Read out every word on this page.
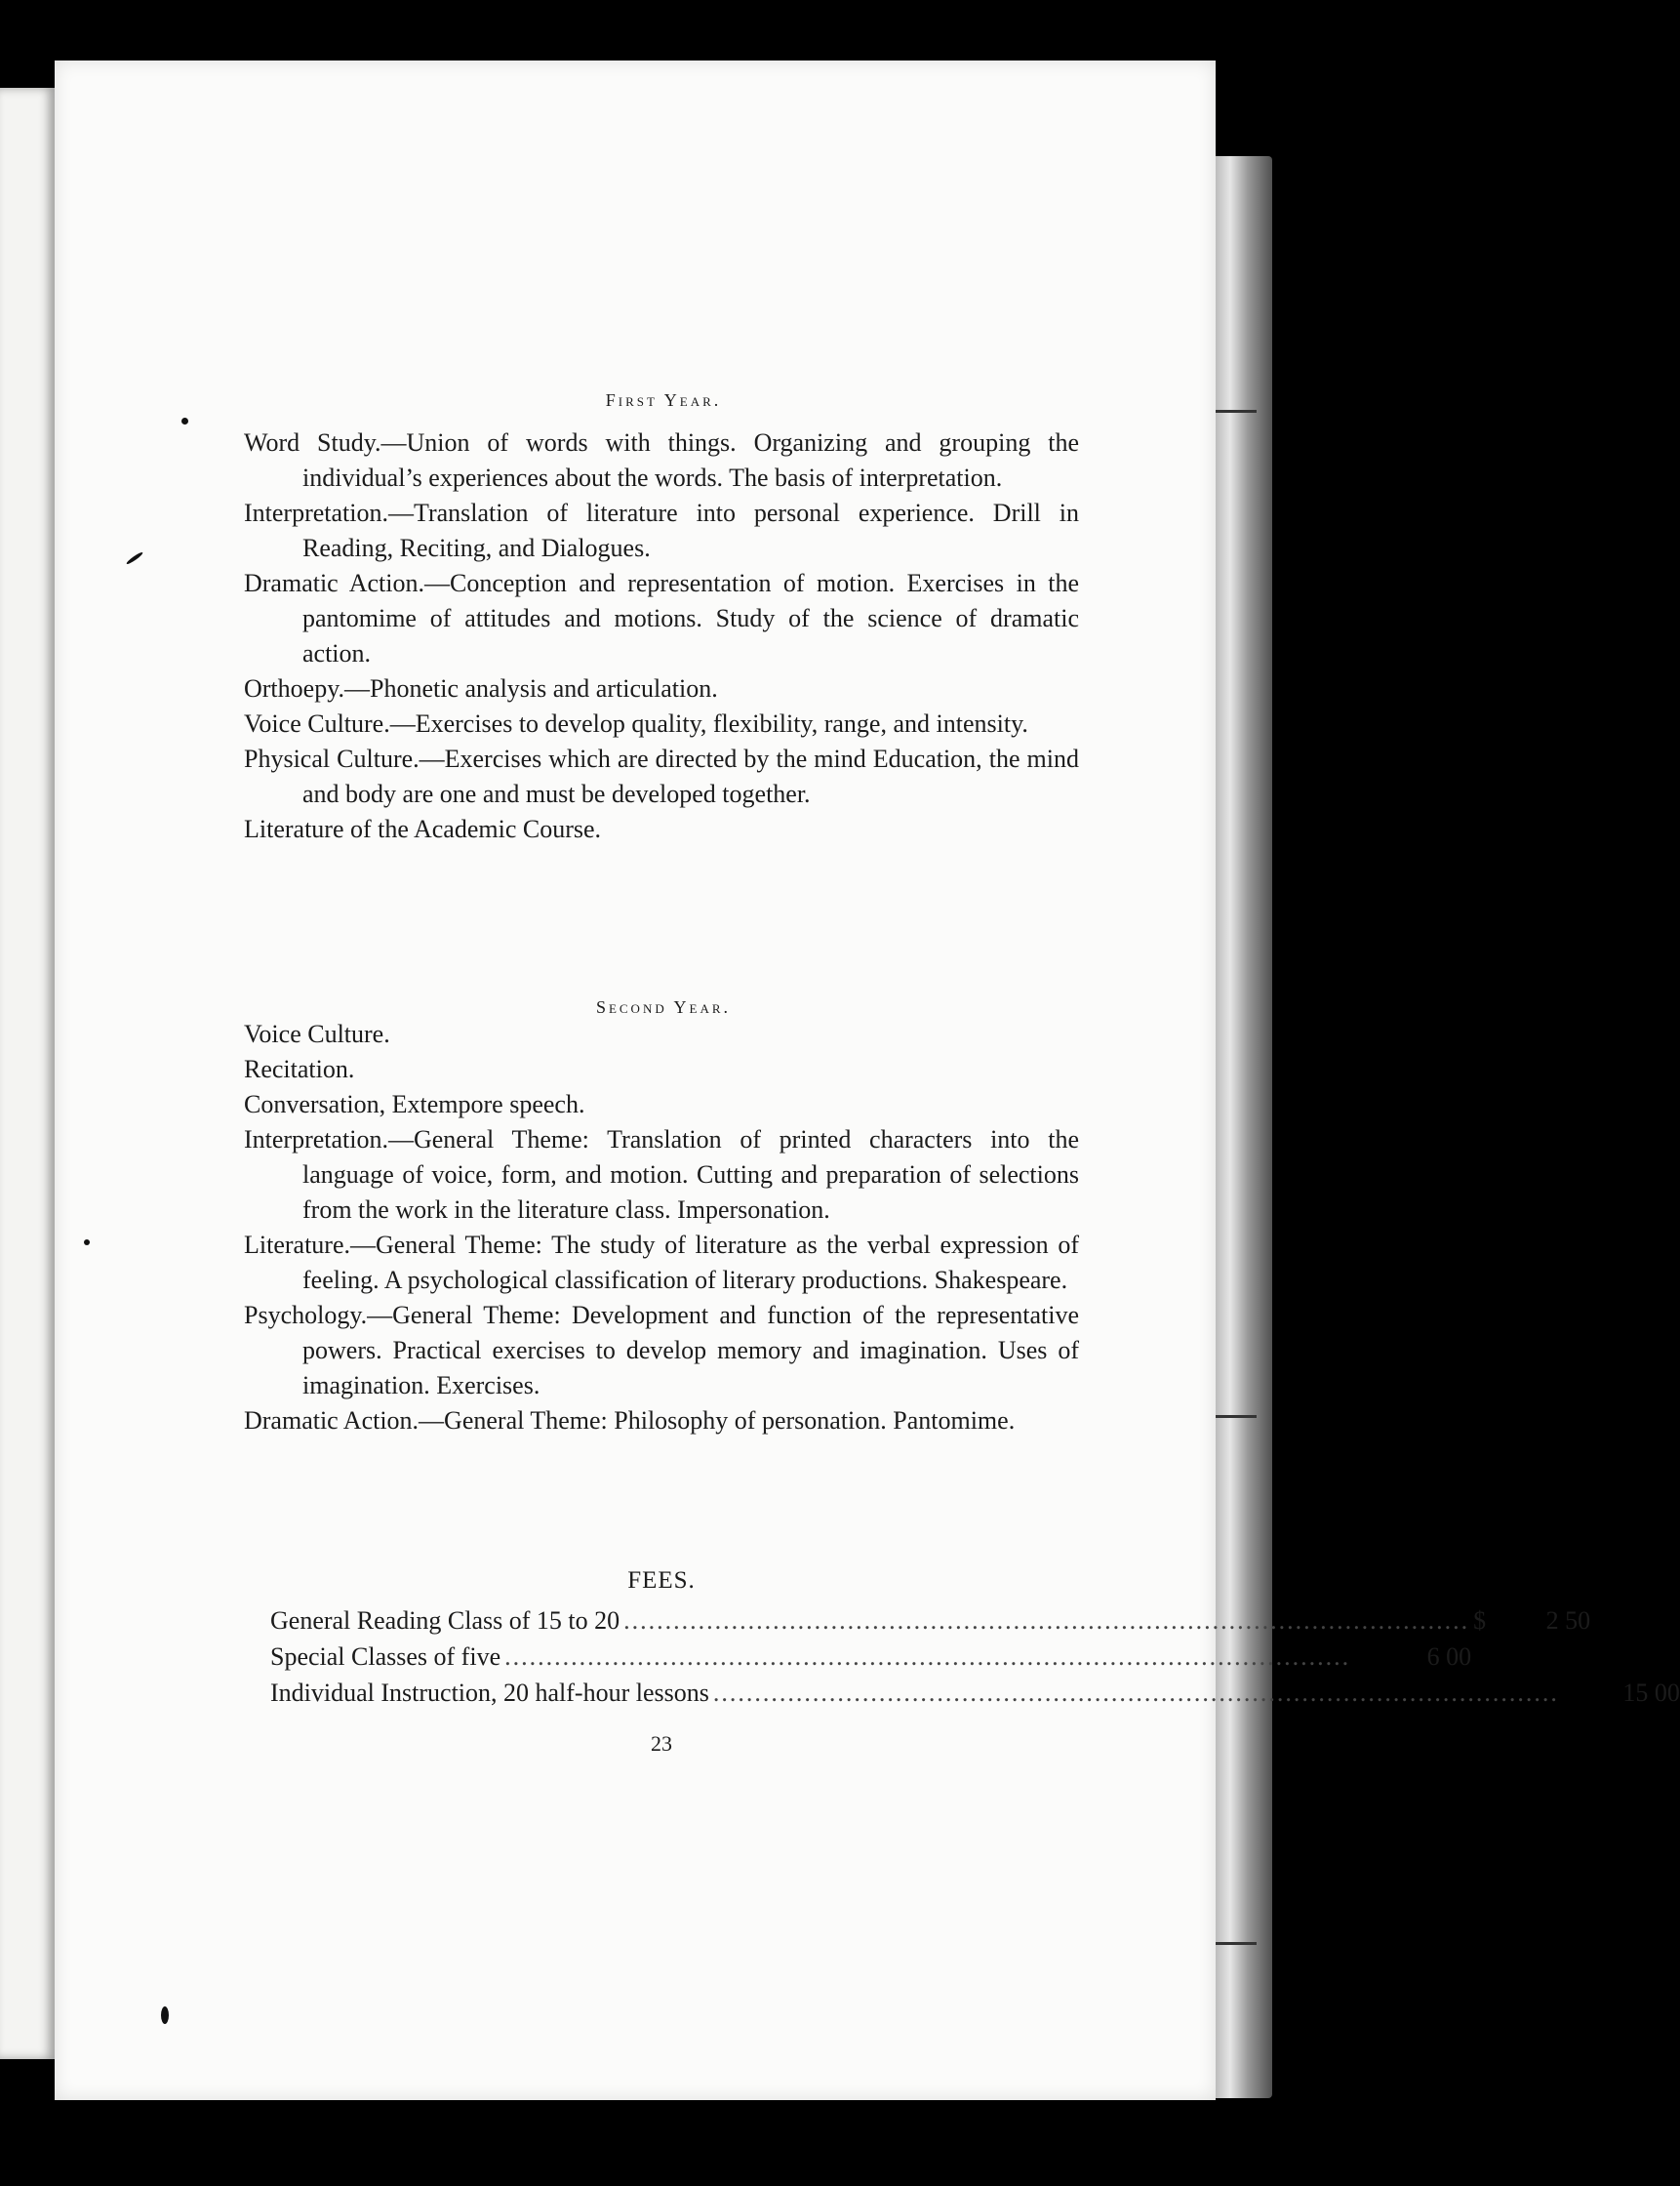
First Year.

Word Study.—Union of words with things. Organizing and grouping the individual’s experiences about the words. The basis of interpretation.

Interpretation.—Translation of literature into personal experience. Drill in Reading, Reciting, and Dialogues.

Dramatic Action.—Conception and representation of motion. Exercises in the pantomime of attitudes and motions. Study of the science of dramatic action.

Orthoepy.—Phonetic analysis and articulation.

Voice Culture.—Exercises to develop quality, flexibility, range, and intensity.

Physical Culture.—Exercises which are directed by the mind Education, the mind and body are one and must be developed together.

Literature of the Academic Course.

Second Year.

Voice Culture.

Recitation.

Conversation, Extempore speech.

Interpretation.—General Theme: Translation of printed characters into the language of voice, form, and motion. Cutting and preparation of selections from the work in the literature class. Impersonation.

Literature.—General Theme: The study of literature as the verbal expression of feeling. A psychological classification of literary productions. Shakespeare.

Psychology.—General Theme: Development and function of the representative powers. Practical exercises to develop memory and imagination. Uses of imagination. Exercises.

Dramatic Action.—General Theme: Philosophy of personation. Pantomime.

FEES.
General Reading Class of 15 to 20 ...................................................................................................... $	2 50
Special Classes of five ......................................................................................................	6 00
Individual Instruction, 20 half-hour lessons ......................................................................................................	15 00
23
